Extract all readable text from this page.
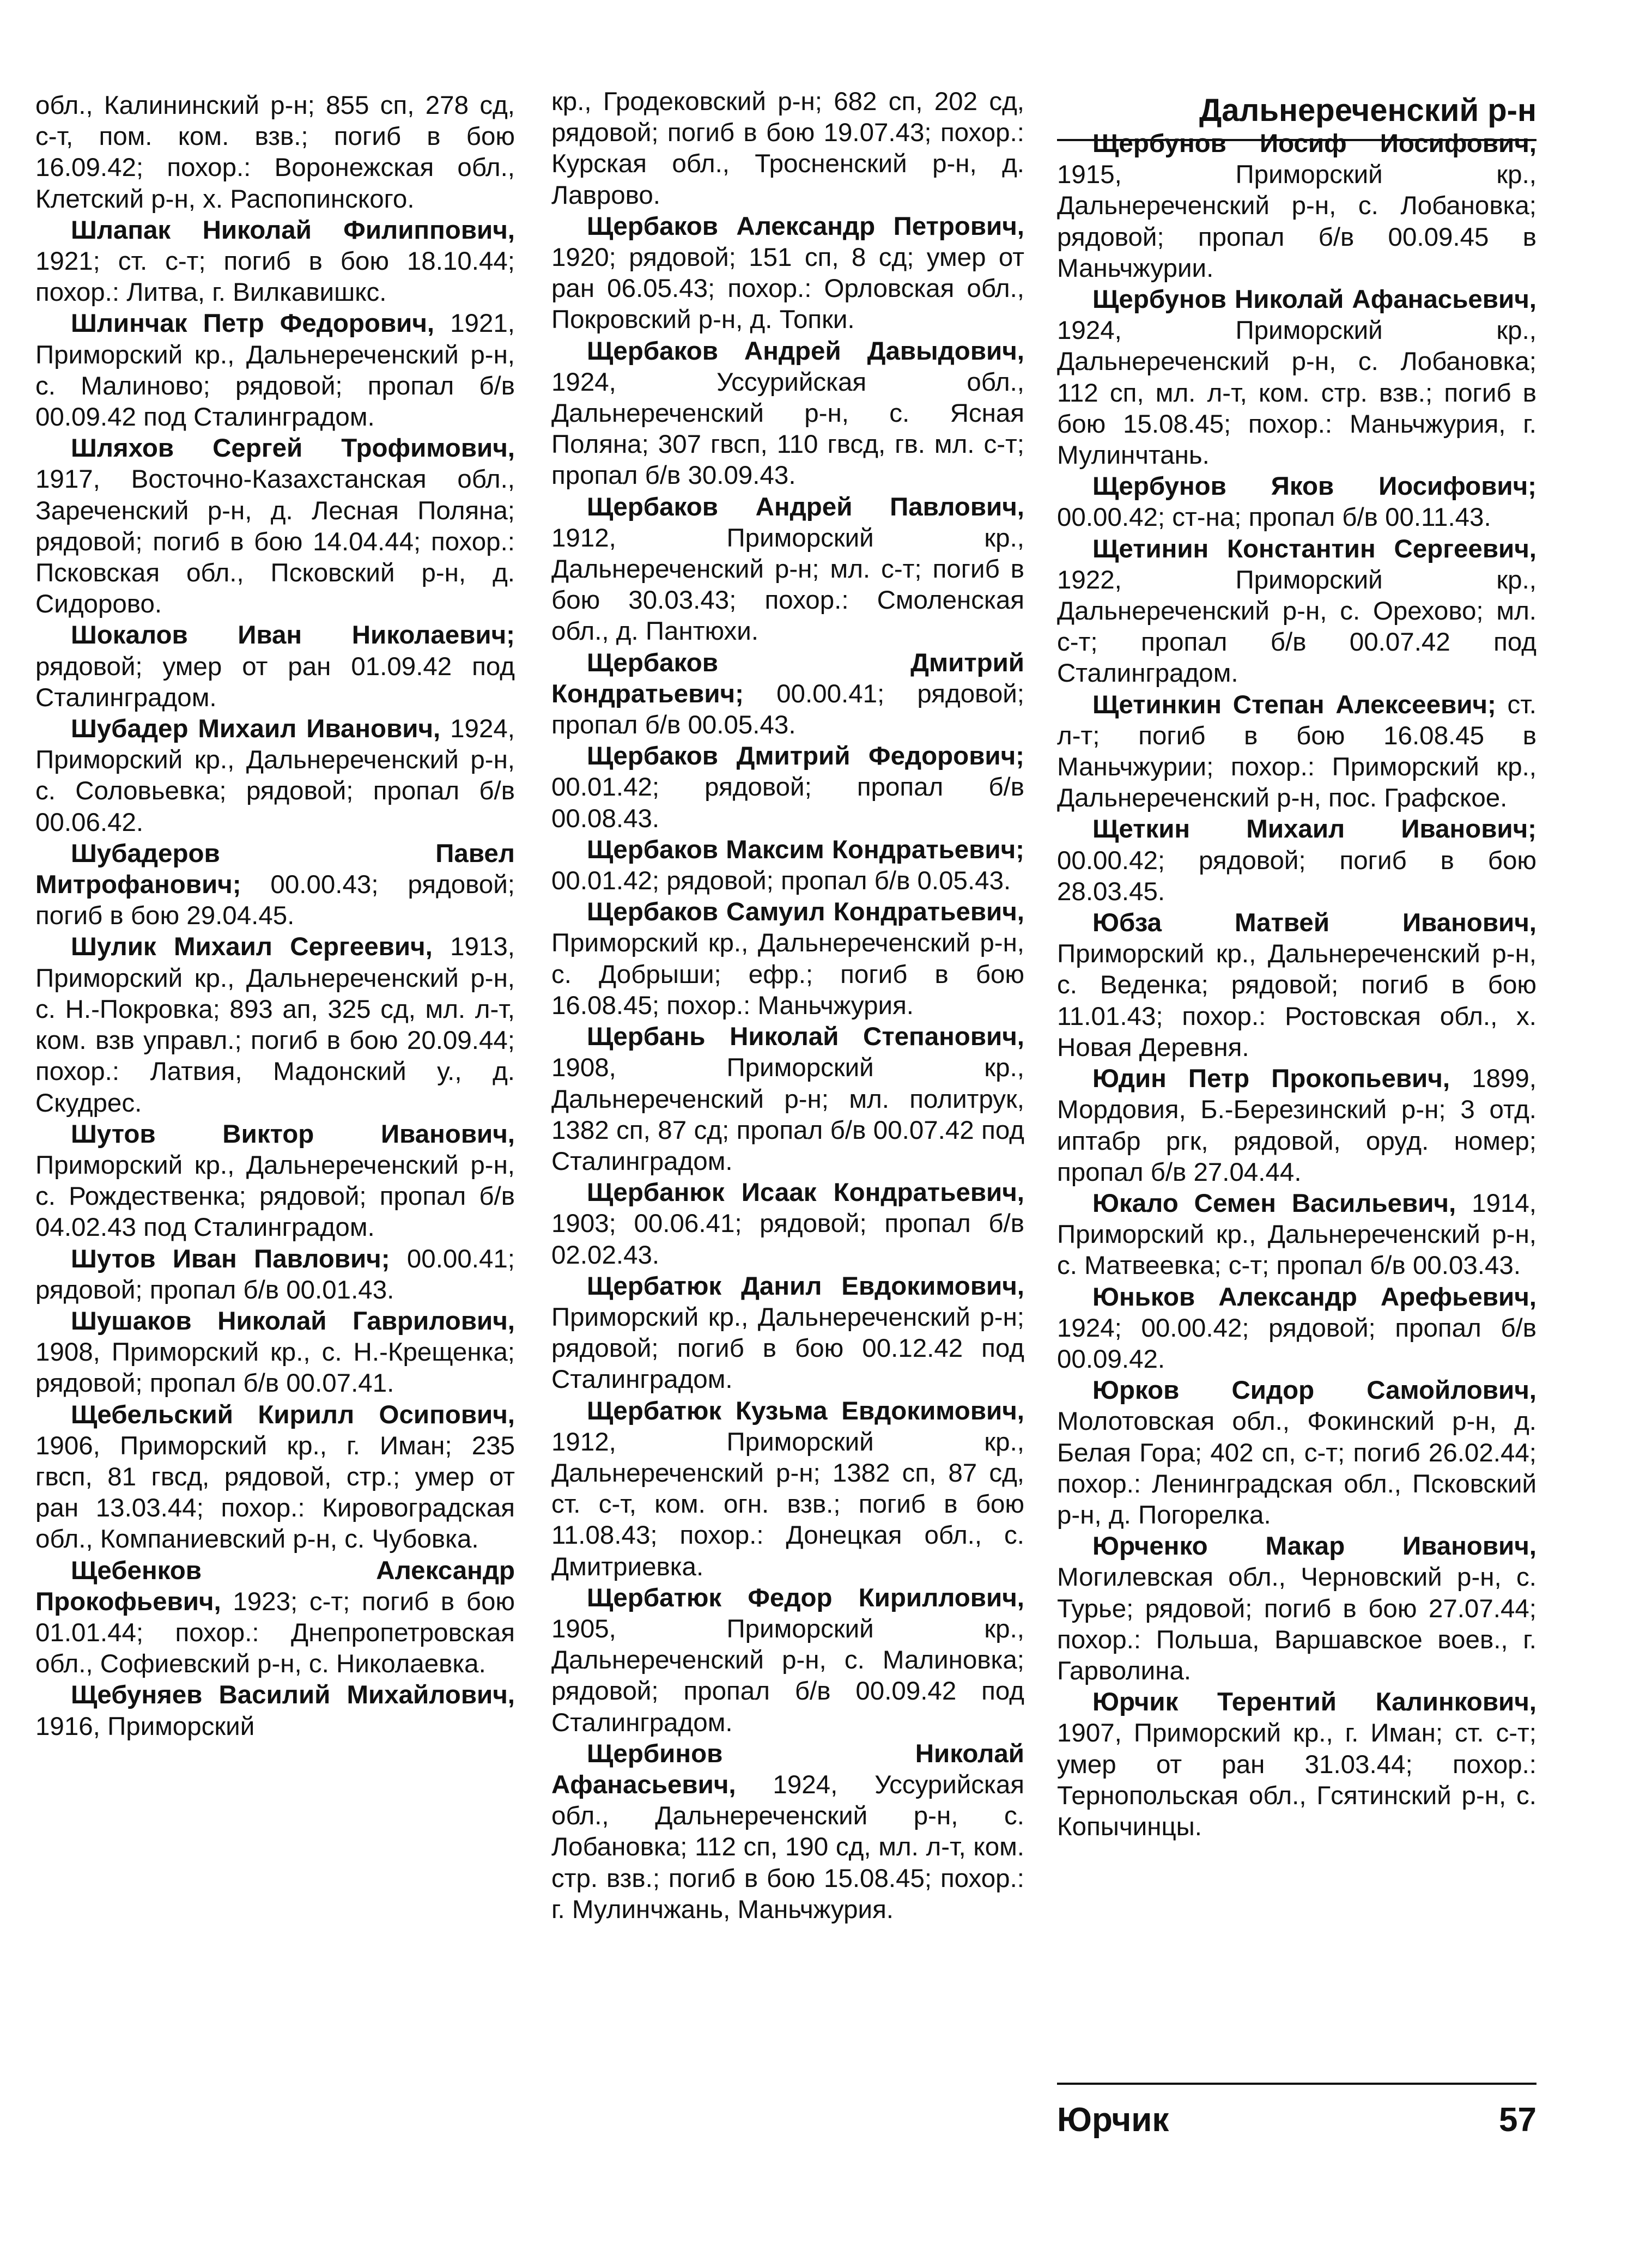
Дальнереченский р-н

обл., Калининский р-н; 855 сп, 278 сд, с-т, пом. ком. взв.; погиб в бою 16.09.42; похор.: Воронежская обл., Клетский р-н, х. Распопинского.

Шлапак Николай Филиппович, 1921; ст. с-т; погиб в бою 18.10.44; похор.: Литва, г. Вилкавишкс.

Шлинчак Петр Федорович, 1921, Приморский кр., Дальнереченский р-н, с. Малиново; рядовой; пропал б/в 00.09.42 под Сталинградом.

Шляхов Сергей Трофимович, 1917, Восточно-Казахстанская обл., Зареченский р-н, д. Лесная Поляна; рядовой; погиб в бою 14.04.44; похор.: Псковская обл., Псковский р-н, д. Сидорово.

Шокалов Иван Николаевич; рядовой; умер от ран 01.09.42 под Сталинградом.

Шубадер Михаил Иванович, 1924, Приморский кр., Дальнереченский р-н, с. Соловьевка; рядовой; пропал б/в 00.06.42.

Шубадеров Павел Митрофанович; 00.00.43; рядовой; погиб в бою 29.04.45.

Шулик Михаил Сергеевич, 1913, Приморский кр., Дальнереченский р-н, с. Н.-Покровка; 893 ап, 325 сд, мл. л-т, ком. взв управл.; погиб в бою 20.09.44; похор.: Латвия, Мадонский у., д. Скудрес.

Шутов Виктор Иванович, Приморский кр., Дальнереченский р-н, с. Рождественка; рядовой; пропал б/в 04.02.43 под Сталинградом.

Шутов Иван Павлович; 00.00.41; рядовой; пропал б/в 00.01.43.

Шушаков Николай Гаврилович, 1908, Приморский кр., с. Н.-Крещенка; рядовой; пропал б/в 00.07.41.

Щебельский Кирилл Осипович, 1906, Приморский кр., г. Иман; 235 гвсп, 81 гвсд, рядовой, стр.; умер от ран 13.03.44; похор.: Кировоградская обл., Компаниевский р-н, с. Чубовка.

Щебенков Александр Прокофьевич, 1923; с-т; погиб в бою 01.01.44; похор.: Днепропетровская обл., Софиевский р-н, с. Николаевка.

Щебуняев Василий Михайлович, 1916, Приморский

кр., Гродековский р-н; 682 сп, 202 сд, рядовой; погиб в бою 19.07.43; похор.: Курская обл., Тросненский р-н, д. Лаврово.

Щербаков Александр Петрович, 1920; рядовой; 151 сп, 8 сд; умер от ран 06.05.43; похор.: Орловская обл., Покровский р-н, д. Топки.

Щербаков Андрей Давыдович, 1924, Уссурийская обл., Дальнереченский р-н, с. Ясная Поляна; 307 гвсп, 110 гвсд, гв. мл. с-т; пропал б/в 30.09.43.

Щербаков Андрей Павлович, 1912, Приморский кр., Дальнереченский р-н; мл. с-т; погиб в бою 30.03.43; похор.: Смоленская обл., д. Пантюхи.

Щербаков Дмитрий Кондратьевич; 00.00.41; рядовой; пропал б/в 00.05.43.

Щербаков Дмитрий Федорович; 00.01.42; рядовой; пропал б/в 00.08.43.

Щербаков Максим Кондратьевич; 00.01.42; рядовой; пропал б/в 0.05.43.

Щербаков Самуил Кондратьевич, Приморский кр., Дальнереченский р-н, с. Добрыши; ефр.; погиб в бою 16.08.45; похор.: Маньчжурия.

Щербань Николай Степанович, 1908, Приморский кр., Дальнереченский р-н; мл. политрук, 1382 сп, 87 сд; пропал б/в 00.07.42 под Сталинградом.

Щербанюк Исаак Кондратьевич, 1903; 00.06.41; рядовой; пропал б/в 02.02.43.

Щербатюк Данил Евдокимович, Приморский кр., Дальнереченский р-н; рядовой; погиб в бою 00.12.42 под Сталинградом.

Щербатюк Кузьма Евдокимович, 1912, Приморский кр., Дальнереченский р-н; 1382 сп, 87 сд, ст. с-т, ком. огн. взв.; погиб в бою 11.08.43; похор.: Донецкая обл., с. Дмитриевка.

Щербатюк Федор Кириллович, 1905, Приморский кр., Дальнереченский р-н, с. Малиновка; рядовой; пропал б/в 00.09.42 под Сталинградом.

Щербинов Николай Афанасьевич, 1924, Уссурийская обл., Дальнереченский р-н, с. Лобановка; 112 сп, 190 сд, мл. л-т, ком. стр. взв.; погиб в бою 15.08.45; похор.: г. Мулинчжань, Маньчжурия.

Щербунов Иосиф Иосифович, 1915, Приморский кр., Дальнереченский р-н, с. Лобановка; рядовой; пропал б/в 00.09.45 в Маньчжурии.

Щербунов Николай Афанасьевич, 1924, Приморский кр., Дальнереченский р-н, с. Лобановка; 112 сп, мл. л-т, ком. стр. взв.; погиб в бою 15.08.45; похор.: Маньчжурия, г. Мулинчтань.

Щербунов Яков Иосифович; 00.00.42; ст-на; пропал б/в 00.11.43.

Щетинин Константин Сергеевич, 1922, Приморский кр., Дальнереченский р-н, с. Орехово; мл. с-т; пропал б/в 00.07.42 под Сталинградом.

Щетинкин Степан Алексеевич; ст. л-т; погиб в бою 16.08.45 в Маньчжурии; похор.: Приморский кр., Дальнереченский р-н, пос. Графское.

Щеткин Михаил Иванович; 00.00.42; рядовой; погиб в бою 28.03.45.

Юбза Матвей Иванович, Приморский кр., Дальнереченский р-н, с. Веденка; рядовой; погиб в бою 11.01.43; похор.: Ростовская обл., х. Новая Деревня.

Юдин Петр Прокопьевич, 1899, Мордовия, Б.-Березинский р-н; 3 отд. иптабр ргк, рядовой, оруд. номер; пропал б/в 27.04.44.

Юкало Семен Васильевич, 1914, Приморский кр., Дальнереченский р-н, с. Матвеевка; с-т; пропал б/в 00.03.43.

Юньков Александр Арефьевич, 1924; 00.00.42; рядовой; пропал б/в 00.09.42.

Юрков Сидор Самойлович, Молотовская обл., Фокинский р-н, д. Белая Гора; 402 сп, с-т; погиб 26.02.44; похор.: Ленинградская обл., Псковский р-н, д. Погорелка.

Юрченко Макар Иванович, Могилевская обл., Черновский р-н, с. Турье; рядовой; погиб в бою 27.07.44; похор.: Польша, Варшавское воев., г. Гарволина.

Юрчик Терентий Калинкович, 1907, Приморский кр., г. Иман; ст. с-т; умер от ран 31.03.44; похор.: Тернопольская обл., Гсятинский р-н, с. Копычинцы.

Юрчик	57
